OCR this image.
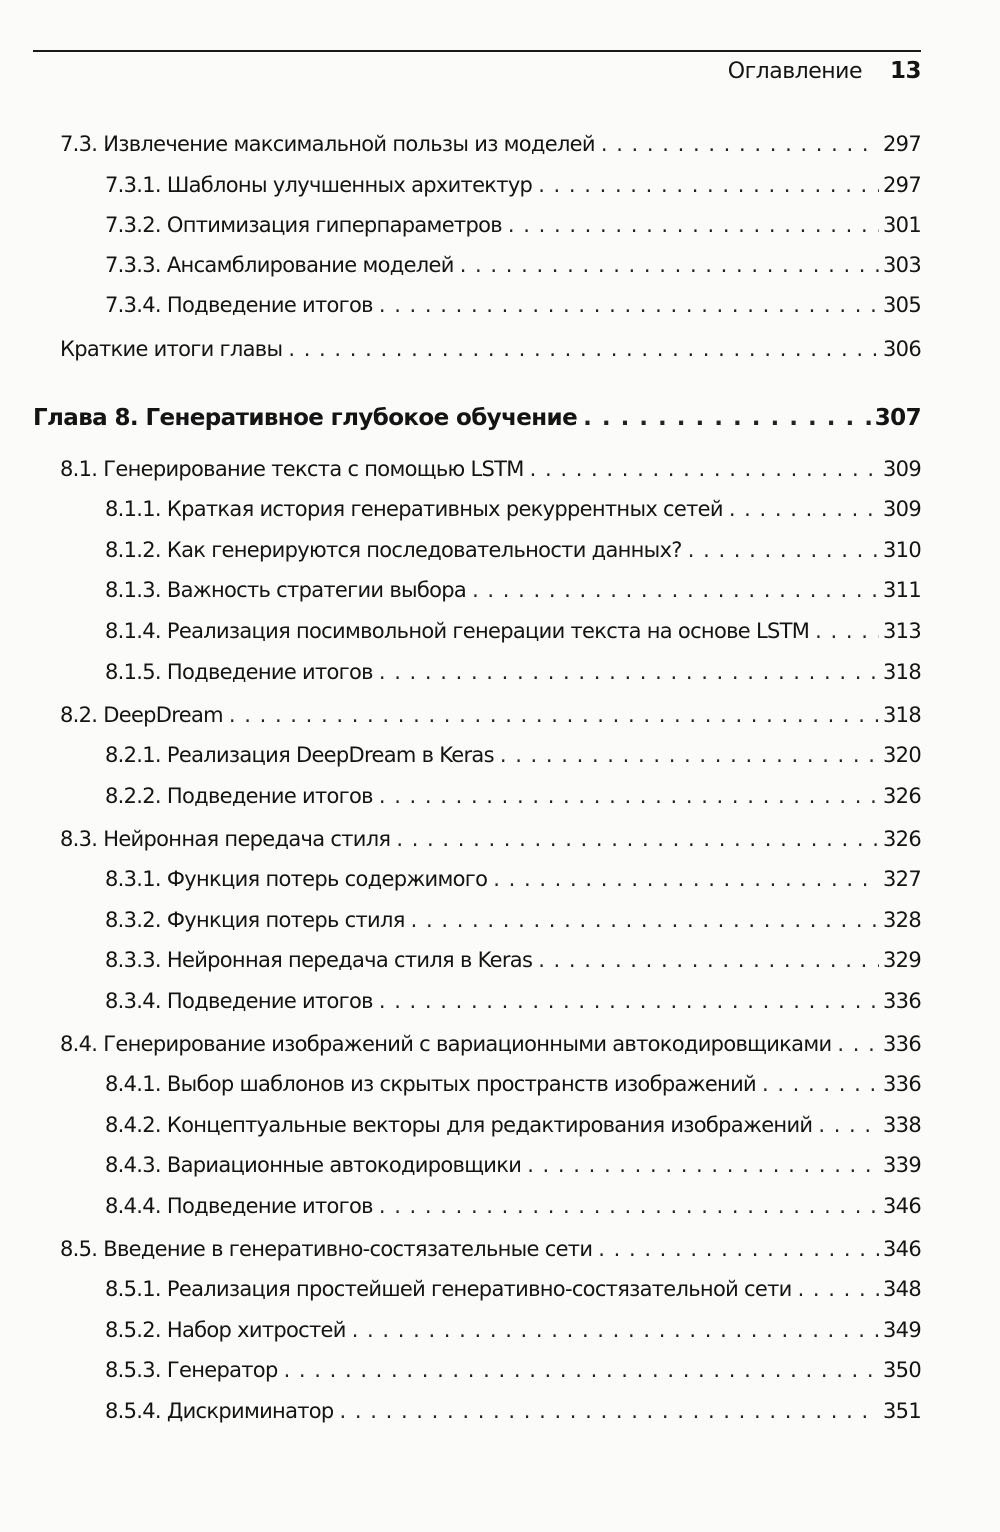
Оглавление 13
7.3. Извлечение максимальной пользы из моделей . . .	297
7.3.1. Шаблоны улучшенных архитектур . . .	297
7.3.2. Оптимизация гиперпараметров . . .	301
7.3.3. Ансамблирование моделей . . .	303
7.3.4. Подведение итогов . . .	305
Краткие итоги главы . . .	306
Глава 8. Генеративное глубокое обучение . . .	307
8.1. Генерирование текста с помощью LSTM . . .	309
8.1.1. Краткая история генеративных рекуррентных сетей . . .	309
8.1.2. Как генерируются последовательности данных? . . .	310
8.1.3. Важность стратегии выбора . . .	311
8.1.4. Реализация посимвольной генерации текста на основе LSTM . . .	313
8.1.5. Подведение итогов . . .	318
8.2. DeepDream . . .	318
8.2.1. Реализация DeepDream в Keras . . .	320
8.2.2. Подведение итогов . . .	326
8.3. Нейронная передача стиля . . .	326
8.3.1. Функция потерь содержимого . . .	327
8.3.2. Функция потерь стиля . . .	328
8.3.3. Нейронная передача стиля в Keras . . .	329
8.3.4. Подведение итогов . . .	336
8.4. Генерирование изображений с вариационными автокодировщиками . . . 336
8.4.1. Выбор шаблонов из скрытых пространств изображений . . .	336
8.4.2. Концептуальные векторы для редактирования изображений . . .	338
8.4.3. Вариационные автокодировщики . . .	339
8.4.4. Подведение итогов . . .	346
8.5. Введение в генеративно-состязательные сети . . .	346
8.5.1. Реализация простейшей генеративно-состязательной сети . . .	348
8.5.2. Набор хитростей . . .	349
8.5.3. Генератор . . .	350
8.5.4. Дискриминатор . . .	351
